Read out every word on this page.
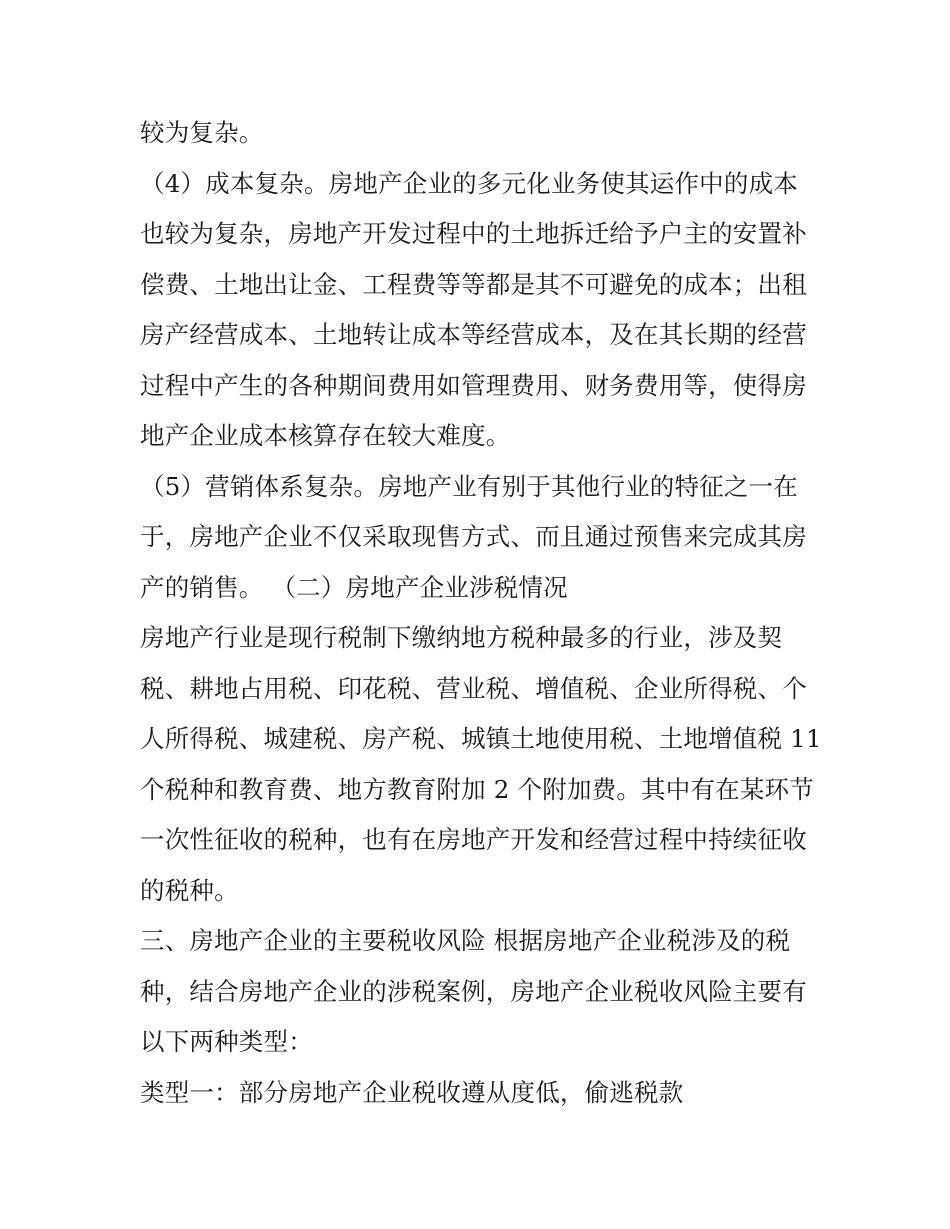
较为复杂。
（4）成本复杂。房地产企业的多元化业务使其运作中的成本
也较为复杂，房地产开发过程中的土地拆迁给予户主的安置补
偿费、土地出让金、工程费等等都是其不可避免的成本；出租
房产经营成本、土地转让成本等经营成本，及在其长期的经营
过程中产生的各种期间费用如管理费用、财务费用等，使得房
地产企业成本核算存在较大难度。
（5）营销体系复杂。房地产业有别于其他行业的特征之一在
于，房地产企业不仅采取现售方式、而且通过预售来完成其房
产的销售。 （二）房地产企业涉税情况
房地产行业是现行税制下缴纳地方税种最多的行业，涉及契
税、耕地占用税、印花税、营业税、增值税、企业所得税、个
人所得税、城建税、房产税、城镇土地使用税、土地增值税 11
个税种和教育费、地方教育附加 2 个附加费。其中有在某环节
一次性征收的税种，也有在房地产开发和经营过程中持续征收
的税种。
三、房地产企业的主要税收风险 根据房地产企业税涉及的税
种，结合房地产企业的涉税案例，房地产企业税收风险主要有
以下两种类型：
类型一：部分房地产企业税收遵从度低，偷逃税款
